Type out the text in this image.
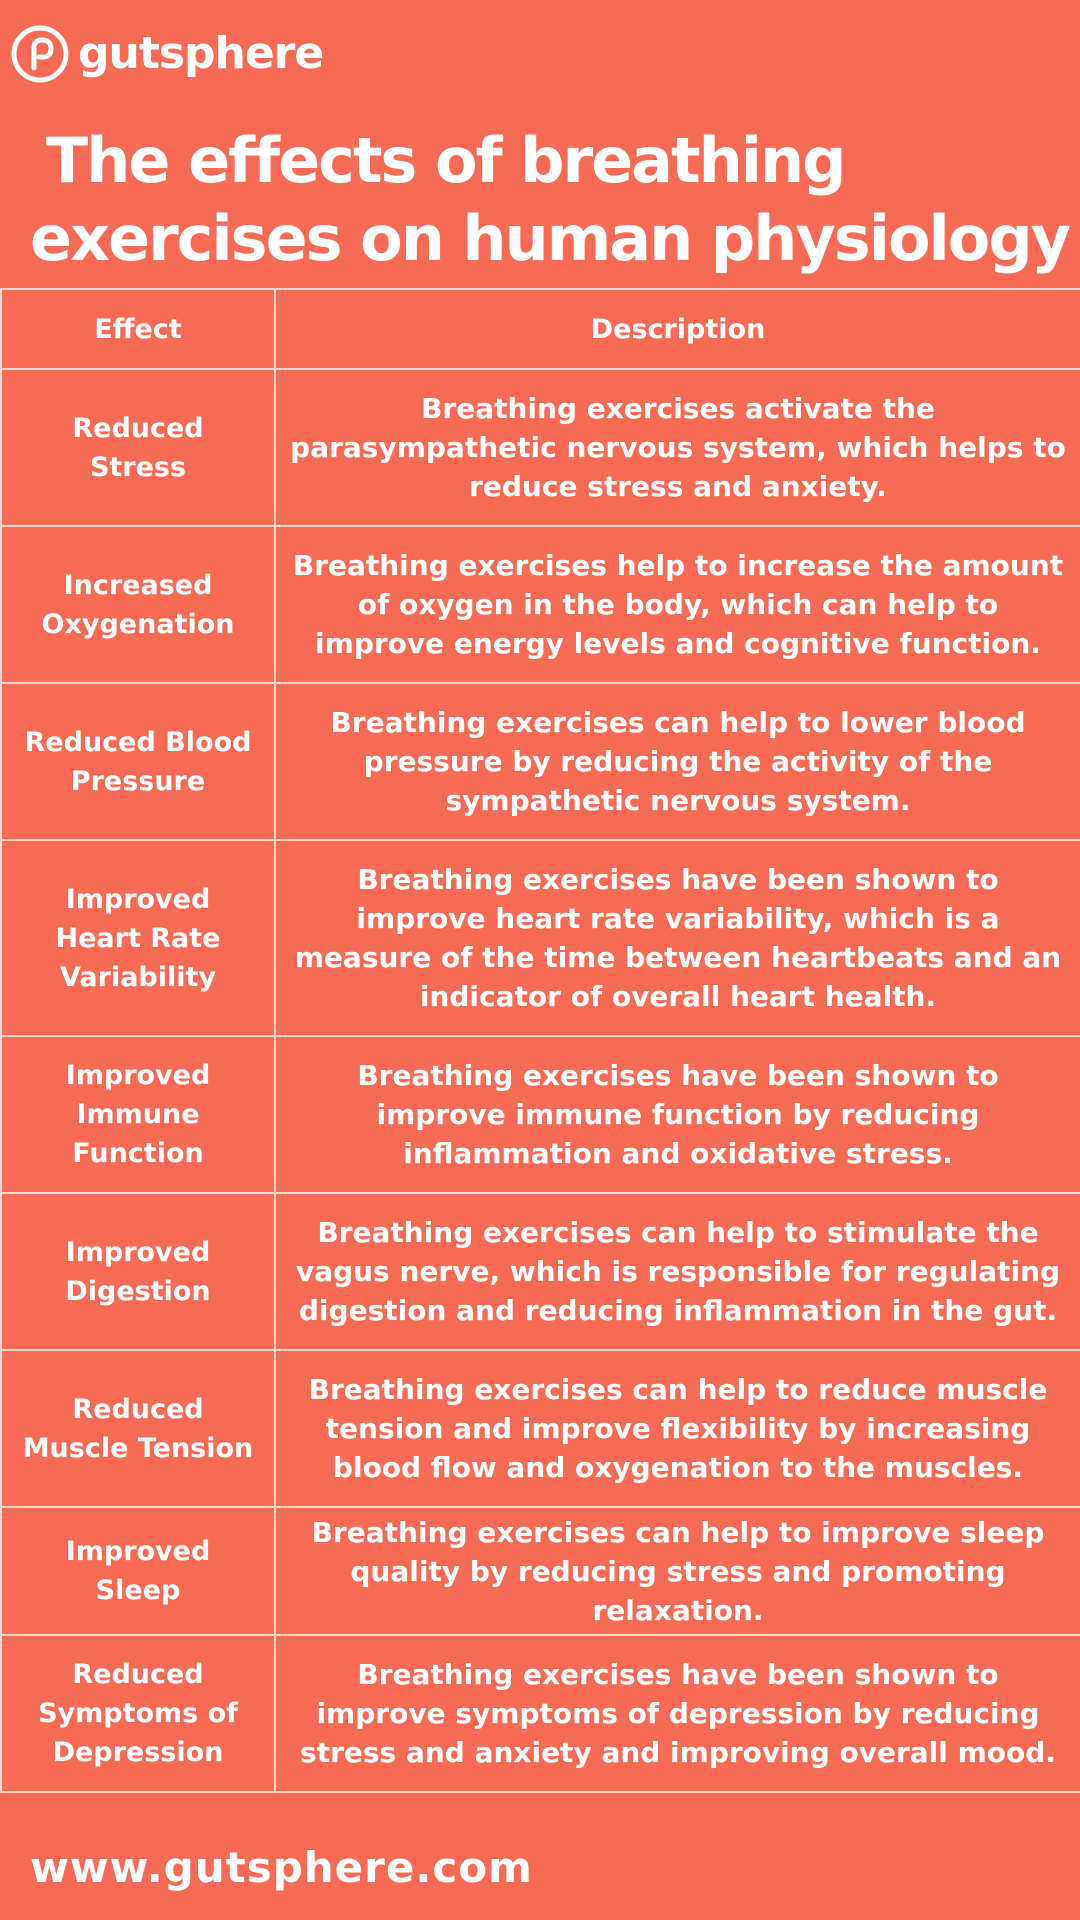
gutsphere
The effects of breathing
exercises on human physiology
Effect	Description
Reduced Stress	Breathing exercises activate the parasympathetic nervous system, which helps to reduce stress and anxiety.
Increased Oxygenation	Breathing exercises help to increase the amount of oxygen in the body, which can help to improve energy levels and cognitive function.
Reduced Blood Pressure	Breathing exercises can help to lower blood pressure by reducing the activity of the sympathetic nervous system.
Improved Heart Rate Variability	Breathing exercises have been shown to improve heart rate variability, which is a measure of the time between heartbeats and an indicator of overall heart health.
Improved Immune Function	Breathing exercises have been shown to improve immune function by reducing inflammation and oxidative stress.
Improved Digestion	Breathing exercises can help to stimulate the vagus nerve, which is responsible for regulating digestion and reducing inflammation in the gut.
Reduced Muscle Tension	Breathing exercises can help to reduce muscle tension and improve flexibility by increasing blood flow and oxygenation to the muscles.
Improved Sleep	Breathing exercises can help to improve sleep quality by reducing stress and promoting relaxation.
Reduced Symptoms of Depression	Breathing exercises have been shown to improve symptoms of depression by reducing stress and anxiety and improving overall mood.
www.gutsphere.com
